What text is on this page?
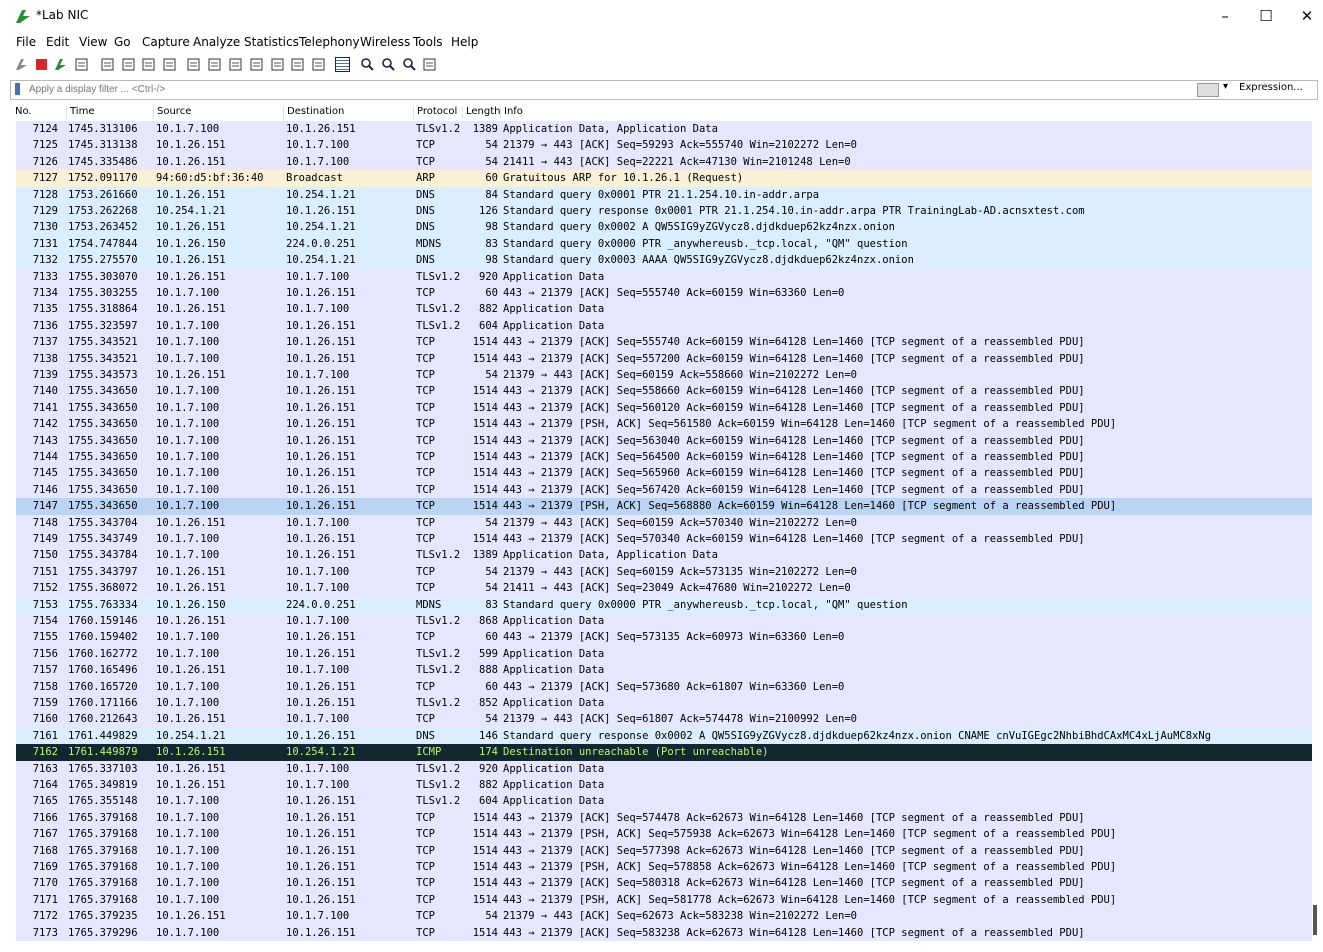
*Lab NIC	–	☐	✕
File Edit View Go Capture Analyze Statistics Telephony Wireless Tools Help
Apply a display filter ... <Ctrl-/>
▾ Expression...
No.	Time	Source	Destination	Protocol Length Info
7124 1745.313106 10.1.7.100	10.1.26.151	TLSv1.2	1389 Application Data, Application Data
7125 1745.313138 10.1.26.151	10.1.7.100	TCP	54 21379 → 443 [ACK] Seq=59293 Ack=555740 Win=2102272 Len=0
7126 1745.335486 10.1.26.151	10.1.7.100	TCP	54 21411 → 443 [ACK] Seq=22221 Ack=47130 Win=2101248 Len=0
7127 1752.091170 94:60:d5:bf:36:40 Broadcast	ARP	60 Gratuitous ARP for 10.1.26.1 (Request)
7128 1753.261660 10.1.26.151	10.254.1.21	DNS	84 Standard query 0x0001 PTR 21.1.254.10.in-addr.arpa
7129 1753.262268 10.254.1.21	10.1.26.151	DNS	126 Standard query response 0x0001 PTR 21.1.254.10.in-addr.arpa PTR TrainingLab-AD.acnsxtest.com
7130 1753.263452 10.1.26.151	10.254.1.21	DNS	98 Standard query 0x0002 A QW5SIG9yZGVycz8.djdkduep62kz4nzx.onion
7131 1754.747844 10.1.26.150	224.0.0.251	MDNS	83 Standard query 0x0000 PTR _anywhereusb._tcp.local, "QM" question
7132 1755.275570 10.1.26.151	10.254.1.21	DNS	98 Standard query 0x0003 AAAA QW5SIG9yZGVycz8.djdkduep62kz4nzx.onion
7133 1755.303070 10.1.26.151	10.1.7.100	TLSv1.2	920 Application Data
7134 1755.303255 10.1.7.100	10.1.26.151	TCP	60 443 → 21379 [ACK] Seq=555740 Ack=60159 Win=63360 Len=0
7135 1755.318864 10.1.26.151	10.1.7.100	TLSv1.2	882 Application Data
7136 1755.323597 10.1.7.100	10.1.26.151	TLSv1.2	604 Application Data
7137 1755.343521 10.1.7.100	10.1.26.151	TCP	1514 443 → 21379 [ACK] Seq=555740 Ack=60159 Win=64128 Len=1460 [TCP segment of a reassembled PDU]
7138 1755.343521 10.1.7.100	10.1.26.151	TCP	1514 443 → 21379 [ACK] Seq=557200 Ack=60159 Win=64128 Len=1460 [TCP segment of a reassembled PDU]
7139 1755.343573 10.1.26.151	10.1.7.100	TCP	54 21379 → 443 [ACK] Seq=60159 Ack=558660 Win=2102272 Len=0
7140 1755.343650 10.1.7.100	10.1.26.151	TCP	1514 443 → 21379 [ACK] Seq=558660 Ack=60159 Win=64128 Len=1460 [TCP segment of a reassembled PDU]
7141 1755.343650 10.1.7.100	10.1.26.151	TCP	1514 443 → 21379 [ACK] Seq=560120 Ack=60159 Win=64128 Len=1460 [TCP segment of a reassembled PDU]
7142 1755.343650 10.1.7.100	10.1.26.151	TCP	1514 443 → 21379 [PSH, ACK] Seq=561580 Ack=60159 Win=64128 Len=1460 [TCP segment of a reassembled PDU]
7143 1755.343650 10.1.7.100	10.1.26.151	TCP	1514 443 → 21379 [ACK] Seq=563040 Ack=60159 Win=64128 Len=1460 [TCP segment of a reassembled PDU]
7144 1755.343650 10.1.7.100	10.1.26.151	TCP	1514 443 → 21379 [ACK] Seq=564500 Ack=60159 Win=64128 Len=1460 [TCP segment of a reassembled PDU]
7145 1755.343650 10.1.7.100	10.1.26.151	TCP	1514 443 → 21379 [ACK] Seq=565960 Ack=60159 Win=64128 Len=1460 [TCP segment of a reassembled PDU]
7146 1755.343650 10.1.7.100	10.1.26.151	TCP	1514 443 → 21379 [ACK] Seq=567420 Ack=60159 Win=64128 Len=1460 [TCP segment of a reassembled PDU]
7147 1755.343650 10.1.7.100	10.1.26.151	TCP	1514 443 → 21379 [PSH, ACK] Seq=568880 Ack=60159 Win=64128 Len=1460 [TCP segment of a reassembled PDU]
7148 1755.343704 10.1.26.151	10.1.7.100	TCP	54 21379 → 443 [ACK] Seq=60159 Ack=570340 Win=2102272 Len=0
7149 1755.343749 10.1.7.100	10.1.26.151	TCP	1514 443 → 21379 [ACK] Seq=570340 Ack=60159 Win=64128 Len=1460 [TCP segment of a reassembled PDU]
7150 1755.343784 10.1.7.100	10.1.26.151	TLSv1.2	1389 Application Data, Application Data
7151 1755.343797 10.1.26.151	10.1.7.100	TCP	54 21379 → 443 [ACK] Seq=60159 Ack=573135 Win=2102272 Len=0
7152 1755.368072 10.1.26.151	10.1.7.100	TCP	54 21411 → 443 [ACK] Seq=23049 Ack=47680 Win=2102272 Len=0
7153 1755.763334 10.1.26.150	224.0.0.251	MDNS	83 Standard query 0x0000 PTR _anywhereusb._tcp.local, "QM" question
7154 1760.159146 10.1.26.151	10.1.7.100	TLSv1.2	868 Application Data
7155 1760.159402 10.1.7.100	10.1.26.151	TCP	60 443 → 21379 [ACK] Seq=573135 Ack=60973 Win=63360 Len=0
7156 1760.162772 10.1.7.100	10.1.26.151	TLSv1.2	599 Application Data
7157 1760.165496 10.1.26.151	10.1.7.100	TLSv1.2	888 Application Data
7158 1760.165720 10.1.7.100	10.1.26.151	TCP	60 443 → 21379 [ACK] Seq=573680 Ack=61807 Win=63360 Len=0
7159 1760.171166 10.1.7.100	10.1.26.151	TLSv1.2	852 Application Data
7160 1760.212643 10.1.26.151	10.1.7.100	TCP	54 21379 → 443 [ACK] Seq=61807 Ack=574478 Win=2100992 Len=0
7161 1761.449829 10.254.1.21	10.1.26.151	DNS	146 Standard query response 0x0002 A QW5SIG9yZGVycz8.djdkduep62kz4nzx.onion CNAME cnVuIGEgc2NhbiBhdCAxMC4xLjAuMC8xNg
7162 1761.449879 10.1.26.151	10.254.1.21	ICMP	174 Destination unreachable (Port unreachable)
7163 1765.337103 10.1.26.151	10.1.7.100	TLSv1.2	920 Application Data
7164 1765.349819 10.1.26.151	10.1.7.100	TLSv1.2	882 Application Data
7165 1765.355148 10.1.7.100	10.1.26.151	TLSv1.2	604 Application Data
7166 1765.379168 10.1.7.100	10.1.26.151	TCP	1514 443 → 21379 [ACK] Seq=574478 Ack=62673 Win=64128 Len=1460 [TCP segment of a reassembled PDU]
7167 1765.379168 10.1.7.100	10.1.26.151	TCP	1514 443 → 21379 [PSH, ACK] Seq=575938 Ack=62673 Win=64128 Len=1460 [TCP segment of a reassembled PDU]
7168 1765.379168 10.1.7.100	10.1.26.151	TCP	1514 443 → 21379 [ACK] Seq=577398 Ack=62673 Win=64128 Len=1460 [TCP segment of a reassembled PDU]
7169 1765.379168 10.1.7.100	10.1.26.151	TCP	1514 443 → 21379 [PSH, ACK] Seq=578858 Ack=62673 Win=64128 Len=1460 [TCP segment of a reassembled PDU]
7170 1765.379168 10.1.7.100	10.1.26.151	TCP	1514 443 → 21379 [ACK] Seq=580318 Ack=62673 Win=64128 Len=1460 [TCP segment of a reassembled PDU]
7171 1765.379168 10.1.7.100	10.1.26.151	TCP	1514 443 → 21379 [PSH, ACK] Seq=581778 Ack=62673 Win=64128 Len=1460 [TCP segment of a reassembled PDU]
7172 1765.379235 10.1.26.151	10.1.7.100	TCP	54 21379 → 443 [ACK] Seq=62673 Ack=583238 Win=2102272 Len=0
7173 1765.379296 10.1.7.100	10.1.26.151	TCP	1514 443 → 21379 [ACK] Seq=583238 Ack=62673 Win=64128 Len=1460 [TCP segment of a reassembled PDU]
